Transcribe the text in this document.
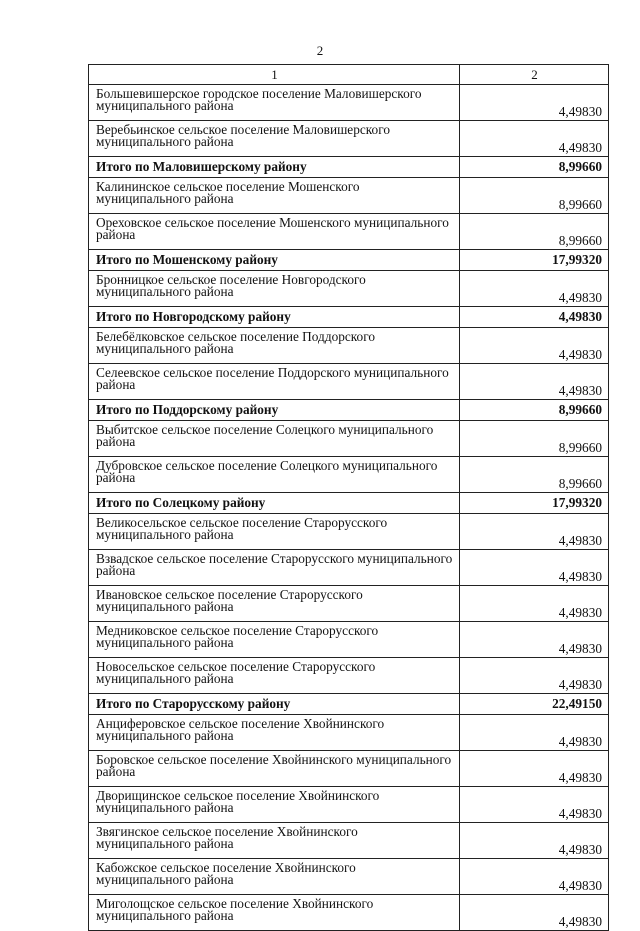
2
1	2
Большевишерское городское поселение Маловишерского муниципального района	4,49830
Веребьинское сельское поселение Маловишерского муниципального района	4,49830
Итого по Маловишерскому району	8,99660
Калининское сельское поселение Мошенского муниципального района	8,99660
Ореховское сельское поселение Мошенского муниципального района	8,99660
Итого по Мошенскому району	17,99320
Бронницкое сельское поселение Новгородского муниципального района	4,49830
Итого по Новгородскому району	4,49830
Белебёлковское сельское поселение Поддорского муниципального района	4,49830
Селеевское сельское поселение Поддорского муниципального района	4,49830
Итого по Поддорскому району	8,99660
Выбитское сельское поселение Солецкого муниципального района	8,99660
Дубровское сельское поселение Солецкого муниципального района	8,99660
Итого по Солецкому району	17,99320
Великосельское сельское поселение Старорусского муниципального района	4,49830
Взвадское сельское поселение Старорусского муниципального района	4,49830
Ивановское сельское поселение Старорусского муниципального района	4,49830
Медниковское сельское поселение Старорусского муниципального района	4,49830
Новосельское сельское поселение Старорусского муниципального района	4,49830
Итого по Старорусскому району	22,49150
Анциферовское сельское поселение Хвойнинского муниципального района	4,49830
Боровское сельское поселение Хвойнинского муниципального района	4,49830
Дворищинское сельское поселение Хвойнинского муниципального района	4,49830
Звягинское сельское поселение Хвойнинского муниципального района	4,49830
Кабожское сельское поселение Хвойнинского муниципального района	4,49830
Миголощское сельское поселение Хвойнинского муниципального района	4,49830
